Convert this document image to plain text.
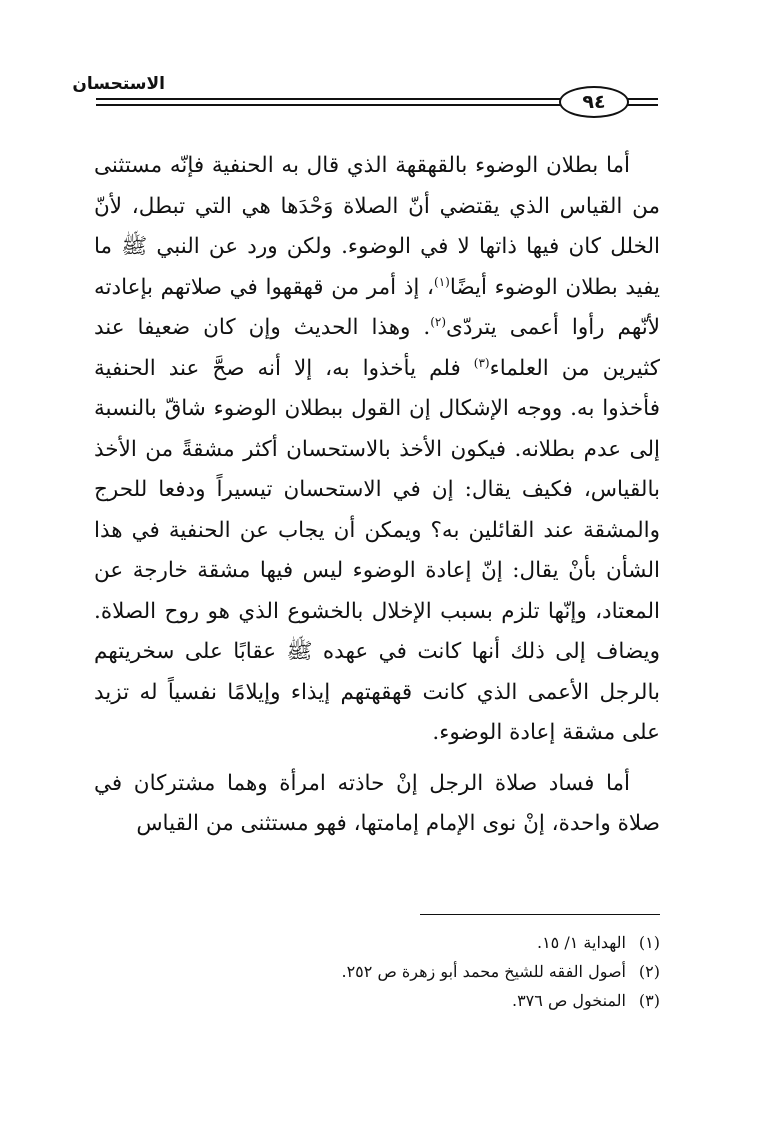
الاستحسان
٩٤

أما بطلان الوضوء بالقهقهة الذي قال به الحنفية فإنّه مستثنى من القياس الذي يقتضي أنّ الصلاة وَحْدَها هي التي تبطل، لأنّ الخلل كان فيها ذاتها لا في الوضوء. ولكن ورد عن النبي ﷺ ما يفيد بطلان الوضوء أيضًا$^{(١)}$، إذ أمر من قهقهوا في صلاتهم بإعادته لأنّهم رأوا أعمى يتردّى$^{(٢)}$. وهذا الحديث وإن كان ضعيفا عند كثيرين من العلماء$^{(٣)}$ فلم يأخذوا به، إلا أنه صحَّ عند الحنفية فأخذوا به. ووجه الإشكال إن القول ببطلان الوضوء شاقّ بالنسبة إلى عدم بطلانه. فيكون الأخذ بالاستحسان أكثر مشقةً من الأخذ بالقياس، فكيف يقال: إن في الاستحسان تيسيراً ودفعا للحرج والمشقة عند القائلين به؟ ويمكن أن يجاب عن الحنفية في هذا الشأن بأنْ يقال: إنّ إعادة الوضوء ليس فيها مشقة خارجة عن المعتاد، وإنّها تلزم بسبب الإخلال بالخشوع الذي هو روح الصلاة. ويضاف إلى ذلك أنها كانت في عهده ﷺ عقابًا على سخريتهم بالرجل الأعمى الذي كانت قهقهتهم إيذاء وإيلامًا نفسياً له تزيد على مشقة إعادة الوضوء.

أما فساد صلاة الرجل إنْ حاذته امرأة وهما مشتركان في صلاة واحدة، إنْ نوى الإمام إمامتها، فهو مستثنى من القياس

(١)
الهداية ١/ ١٥.
(٢)
أصول الفقه للشيخ محمد أبو زهرة ص ٢٥٢.
(٣)
المنخول ص ٣٧٦.
